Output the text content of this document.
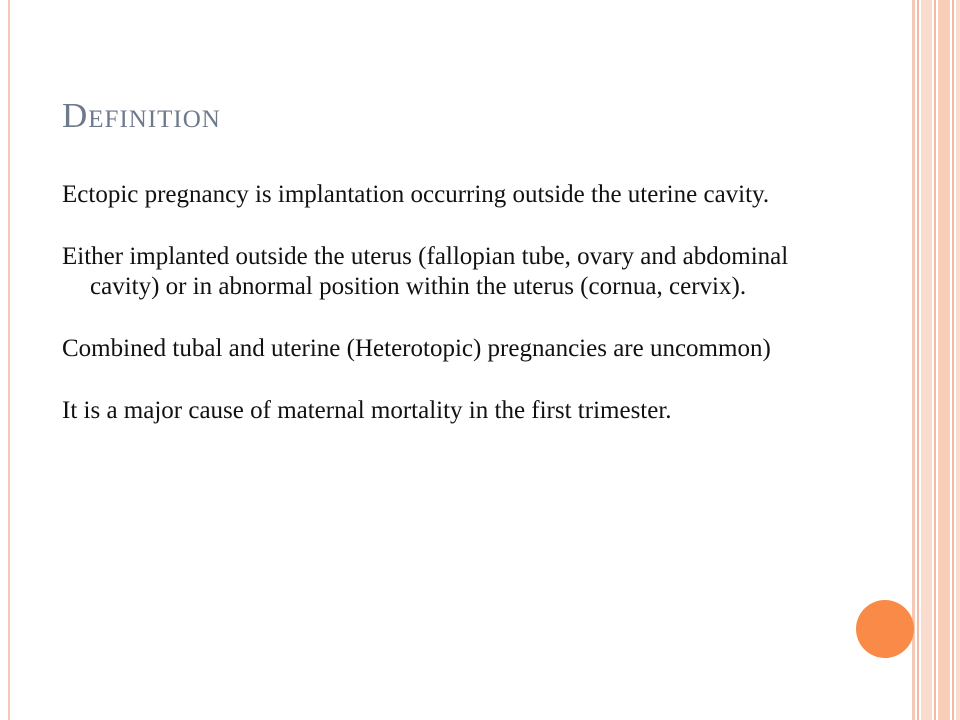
Definition

Ectopic pregnancy is implantation occurring outside the uterine cavity.

Either implanted outside the uterus (fallopian tube, ovary and abdominal cavity) or in abnormal position within the uterus (cornua, cervix).

Combined tubal and uterine (Heterotopic) pregnancies are uncommon)

It is a major cause of maternal mortality in the first trimester.
